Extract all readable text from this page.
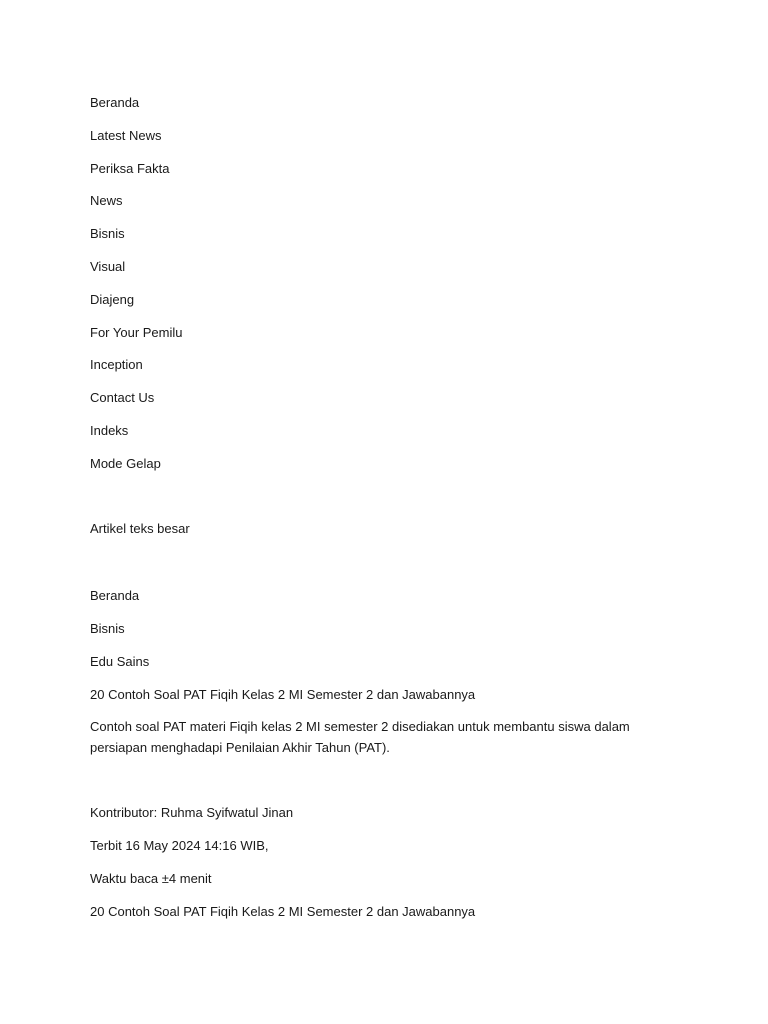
Beranda
Latest News
Periksa Fakta
News
Bisnis
Visual
Diajeng
For Your Pemilu
Inception
Contact Us
Indeks
Mode Gelap
Artikel teks besar
Beranda
Bisnis
Edu Sains
20 Contoh Soal PAT Fiqih Kelas 2 MI Semester 2 dan Jawabannya

Contoh soal PAT materi Fiqih kelas 2 MI semester 2 disediakan untuk membantu siswa dalam persiapan menghadapi Penilaian Akhir Tahun (PAT).

Kontributor: Ruhma Syifwatul Jinan
Terbit 16 May 2024 14:16 WIB,
Waktu baca ±4 menit
20 Contoh Soal PAT Fiqih Kelas 2 MI Semester 2 dan Jawabannya
